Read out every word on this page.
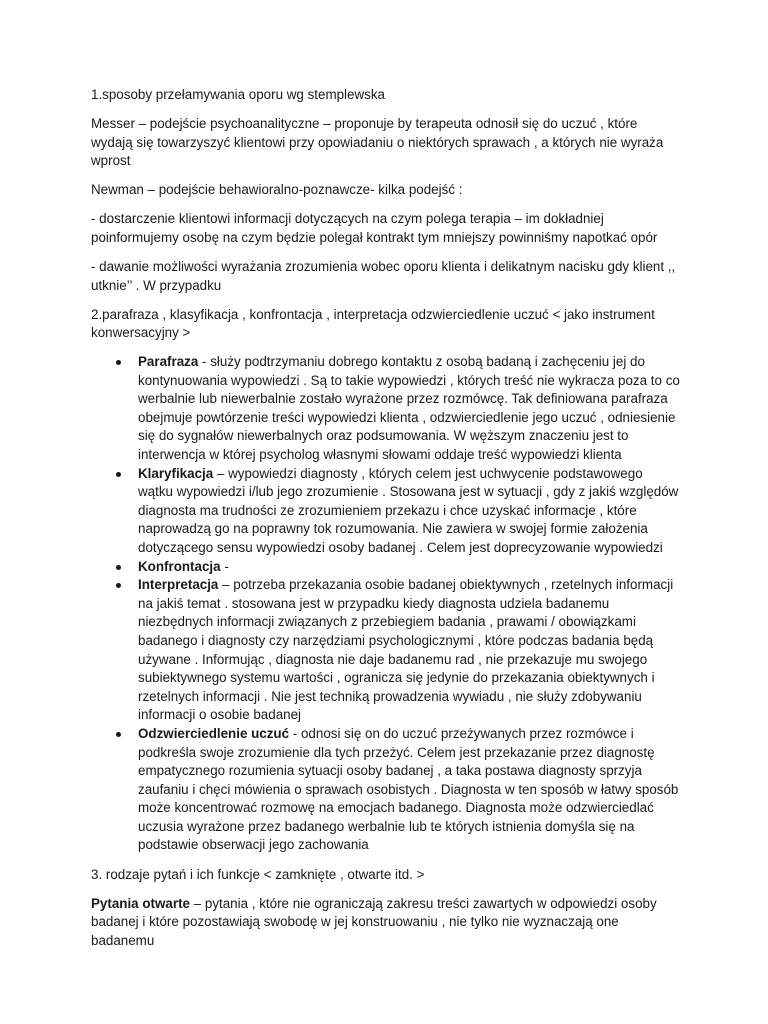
1.sposoby przełamywania oporu wg stemplewska

Messer – podejście psychoanalityczne – proponuje by terapeuta odnosił się do uczuć , które wydają się towarzyszyć klientowi przy opowiadaniu o niektórych sprawach , a których nie wyraża wprost

Newman – podejście behawioralno-poznawcze- kilka podejść :

- dostarczenie klientowi informacji dotyczących na czym polega terapia – im dokładniej poinformujemy osobę na czym będzie polegał kontrakt tym mniejszy powinniśmy napotkać opór

- dawanie możliwości wyrażania zrozumienia wobec oporu klienta i delikatnym nacisku gdy klient ,, utknie’’ . W przypadku

2.parafraza , klasyfikacja , konfrontacja , interpretacja odzwierciedlenie uczuć < jako instrument konwersacyjny >

Parafraza - służy podtrzymaniu dobrego kontaktu z osobą badaną i zachęceniu jej do kontynuowania wypowiedzi . Są to takie wypowiedzi , których treść nie wykracza poza to co werbalnie lub niewerbalnie zostało wyrażone przez rozmówcę. Tak definiowana parafraza obejmuje powtórzenie treści wypowiedzi klienta , odzwierciedlenie jego uczuć , odniesienie się do sygnałów niewerbalnych oraz podsumowania. W węższym znaczeniu jest to interwencja w której psycholog własnymi słowami oddaje treść wypowiedzi klienta
Klaryfikacja – wypowiedzi diagnosty , których celem jest uchwycenie podstawowego wątku wypowiedzi i/lub jego zrozumienie . Stosowana jest w sytuacji , gdy z jakiś względów diagnosta ma trudności ze zrozumieniem przekazu i chce uzyskać informacje , które naprowadzą go na poprawny tok rozumowania. Nie zawiera w swojej formie założenia dotyczącego sensu wypowiedzi osoby badanej . Celem jest doprecyzowanie wypowiedzi
Konfrontacja -
Interpretacja – potrzeba przekazania osobie badanej obiektywnych , rzetelnych informacji na jakiś temat . stosowana jest w przypadku kiedy diagnosta udziela badanemu niezbędnych informacji związanych z przebiegiem badania , prawami / obowiązkami badanego i diagnosty czy narzędziami psychologicznymi , które podczas badania będą używane . Informując , diagnosta nie daje badanemu rad , nie przekazuje mu swojego subiektywnego systemu wartości , ogranicza się jedynie do przekazania obiektywnych i rzetelnych informacji . Nie jest techniką prowadzenia wywiadu , nie służy zdobywaniu informacji o osobie badanej
Odzwierciedlenie uczuć - odnosi się on do uczuć przeżywanych przez rozmówce i podkreśla swoje zrozumienie dla tych przeżyć. Celem jest przekazanie przez diagnostę empatycznego rozumienia sytuacji osoby badanej , a taka postawa diagnosty sprzyja zaufaniu i chęci mówienia o sprawach osobistych . Diagnosta w ten sposób w łatwy sposób może koncentrować rozmowę na emocjach badanego. Diagnosta może odzwierciedlać uczusia wyrażone przez badanego werbalnie lub te których istnienia domyśla się na podstawie obserwacji jego zachowania

3. rodzaje pytań i ich funkcje < zamknięte , otwarte itd. >

Pytania otwarte – pytania , które nie ograniczają zakresu treści zawartych w odpowiedzi osoby badanej i które pozostawiają swobodę w jej konstruowaniu , nie tylko nie wyznaczają one badanemu
